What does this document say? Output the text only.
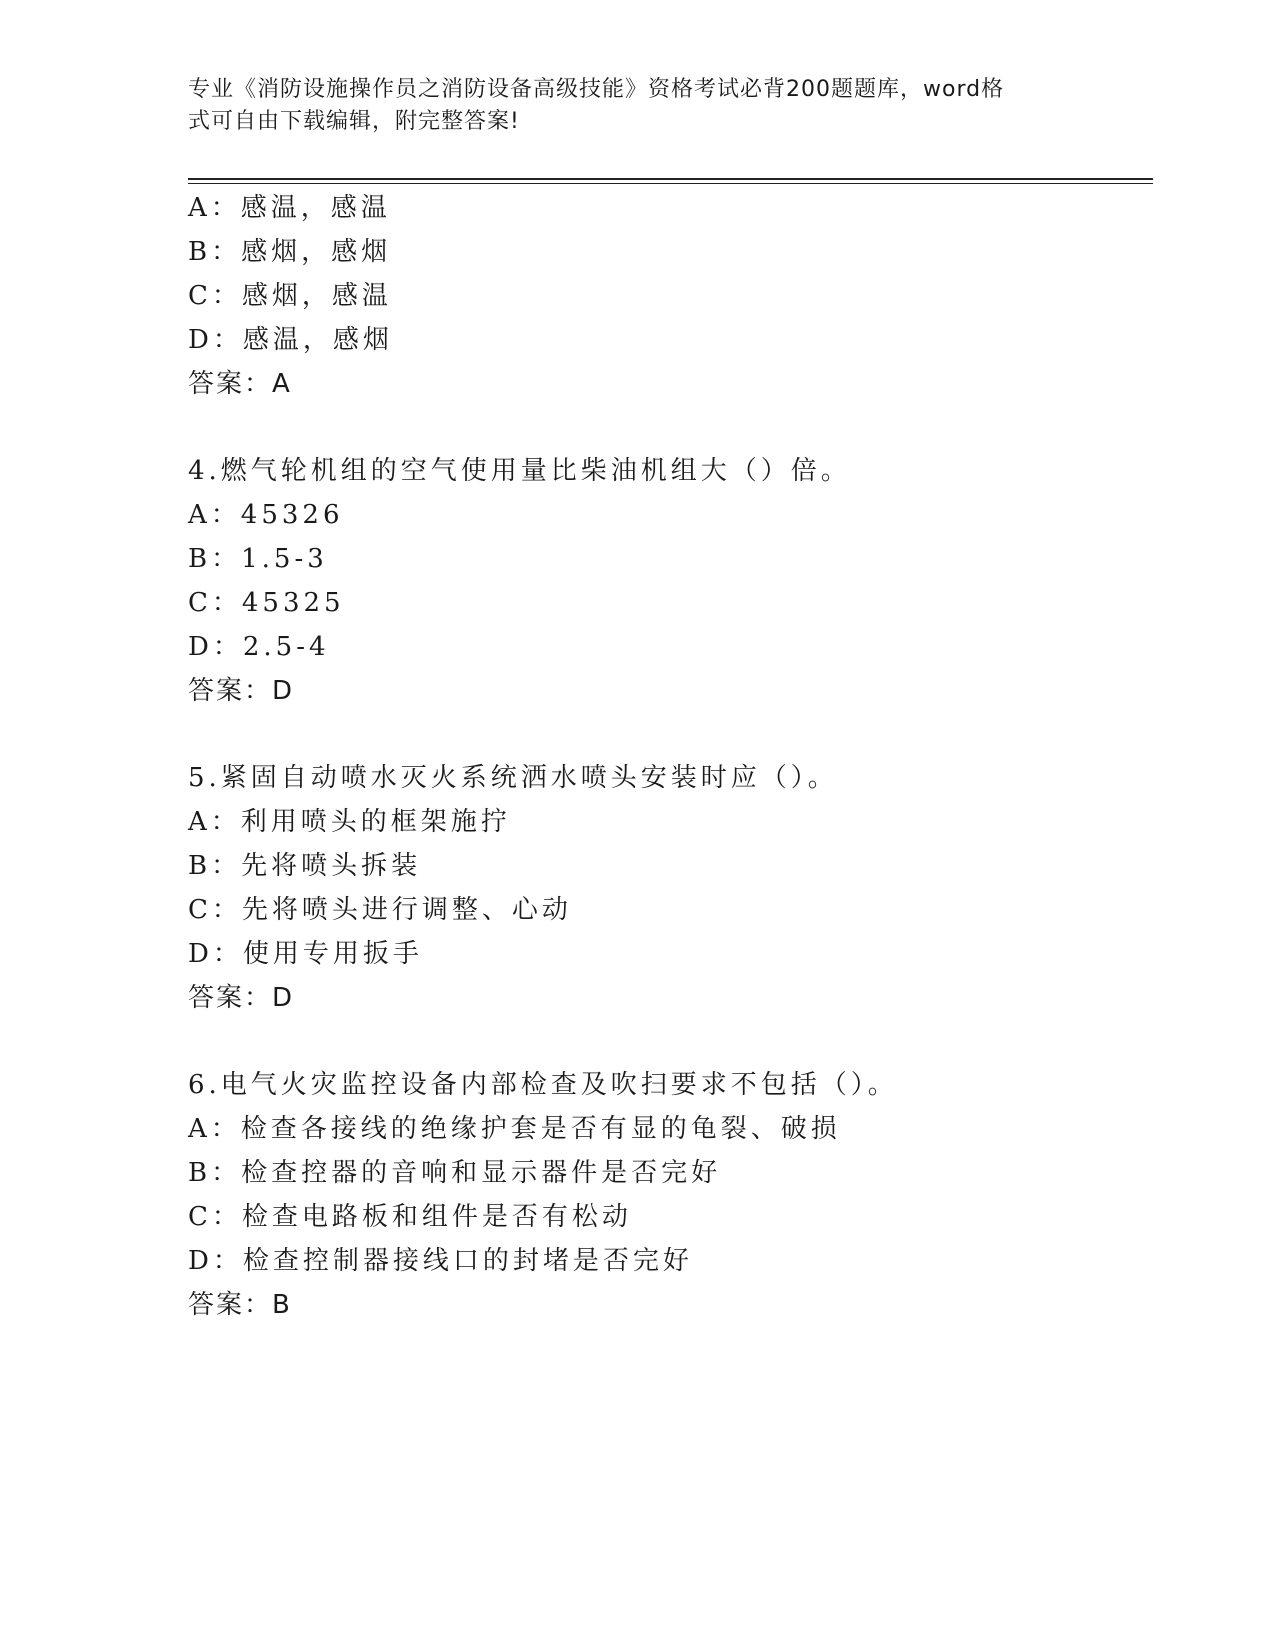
专业《消防设施操作员之消防设备高级技能》资格考试必背200题题库，word格
式可自由下载编辑，附完整答案!
A：感温，感温
B：感烟，感烟
C：感烟，感温
D：感温，感烟
答案：A
4.燃气轮机组的空气使用量比柴油机组大（）倍。
A：45326
B：1.5-3
C：45325
D：2.5-4
答案：D
5.紧固自动喷水灭火系统洒水喷头安装时应（）。
A：利用喷头的框架施拧
B：先将喷头拆装
C：先将喷头进行调整、心动
D：使用专用扳手
答案：D
6.电气火灾监控设备内部检查及吹扫要求不包括（）。
A：检查各接线的绝缘护套是否有显的龟裂、破损
B：检查控器的音响和显示器件是否完好
C：检查电路板和组件是否有松动
D：检查控制器接线口的封堵是否完好
答案：B
